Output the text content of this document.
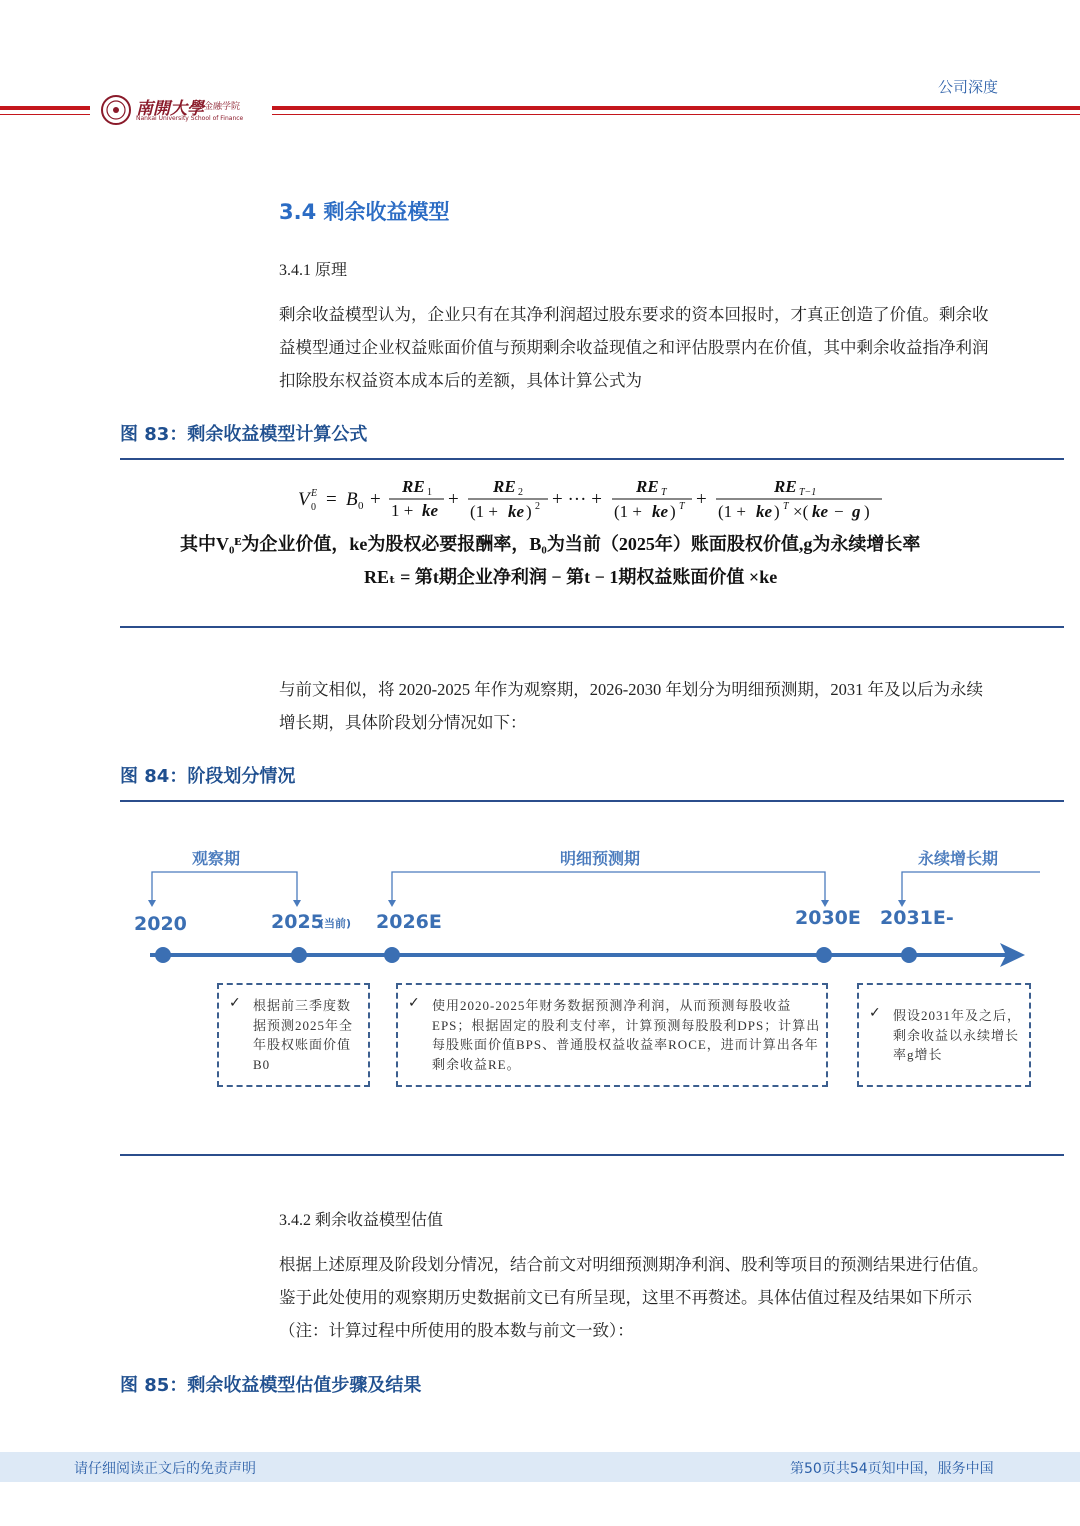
南開大學 金融学院
Nankai University School of Finance
公司深度
3.4 剩余收益模型
3.4.1 原理
剩余收益模型认为，企业只有在其净利润超过股东要求的资本回报时，才真正创造了价值。剩余收益模型通过企业权益账面价值与预期剩余收益现值之和评估股票内在价值，其中剩余收益指净利润扣除股东权益资本成本后的差额，具体计算公式为
图 83：剩余收益模型计算公式
V E
0 = B 0 +
RE 1
1 + ke
+
RE 2
(1 + ke ) 2 + ··· +
RE T
(1 + ke ) T +
RE T−1
(1 + ke ) T ×( ke − g )
其中V₀ᴱ为企业价值，ke为股权必要报酬率，B₀为当前（2025年）账面股权价值,g为永续增长率
REₜ = 第t期企业净利润 − 第t − 1期权益账面价值 ×ke
与前文相似，将 2020-2025 年作为观察期，2026-2030 年划分为明细预测期，2031 年及以后为永续增长期，具体阶段划分情况如下：
图 84：阶段划分情况
观察期	明细预测期	永续增长期
2020	2025
(当前) 2026E	2030E 2031E-
✓ 根据前三季度数据预测2025年全年股权账面价值B0
✓ 使用2020-2025年财务数据预测净利润，从而预测每股收益EPS；根据固定的股利支付率，计算预测每股股利DPS；计算出每股账面价值BPS、普通股权益收益率ROCE，进而计算出各年剩余收益RE。
✓ 假设2031年及之后，剩余收益以永续增长率g增长
3.4.2 剩余收益模型估值
根据上述原理及阶段划分情况，结合前文对明细预测期净利润、股利等项目的预测结果进行估值。鉴于此处使用的观察期历史数据前文已有所呈现，这里不再赘述。具体估值过程及结果如下所示（注：计算过程中所使用的股本数与前文一致）：
图 85：剩余收益模型估值步骤及结果
请仔细阅读正文后的免责声明	第50页共54页知中国，服务中国
